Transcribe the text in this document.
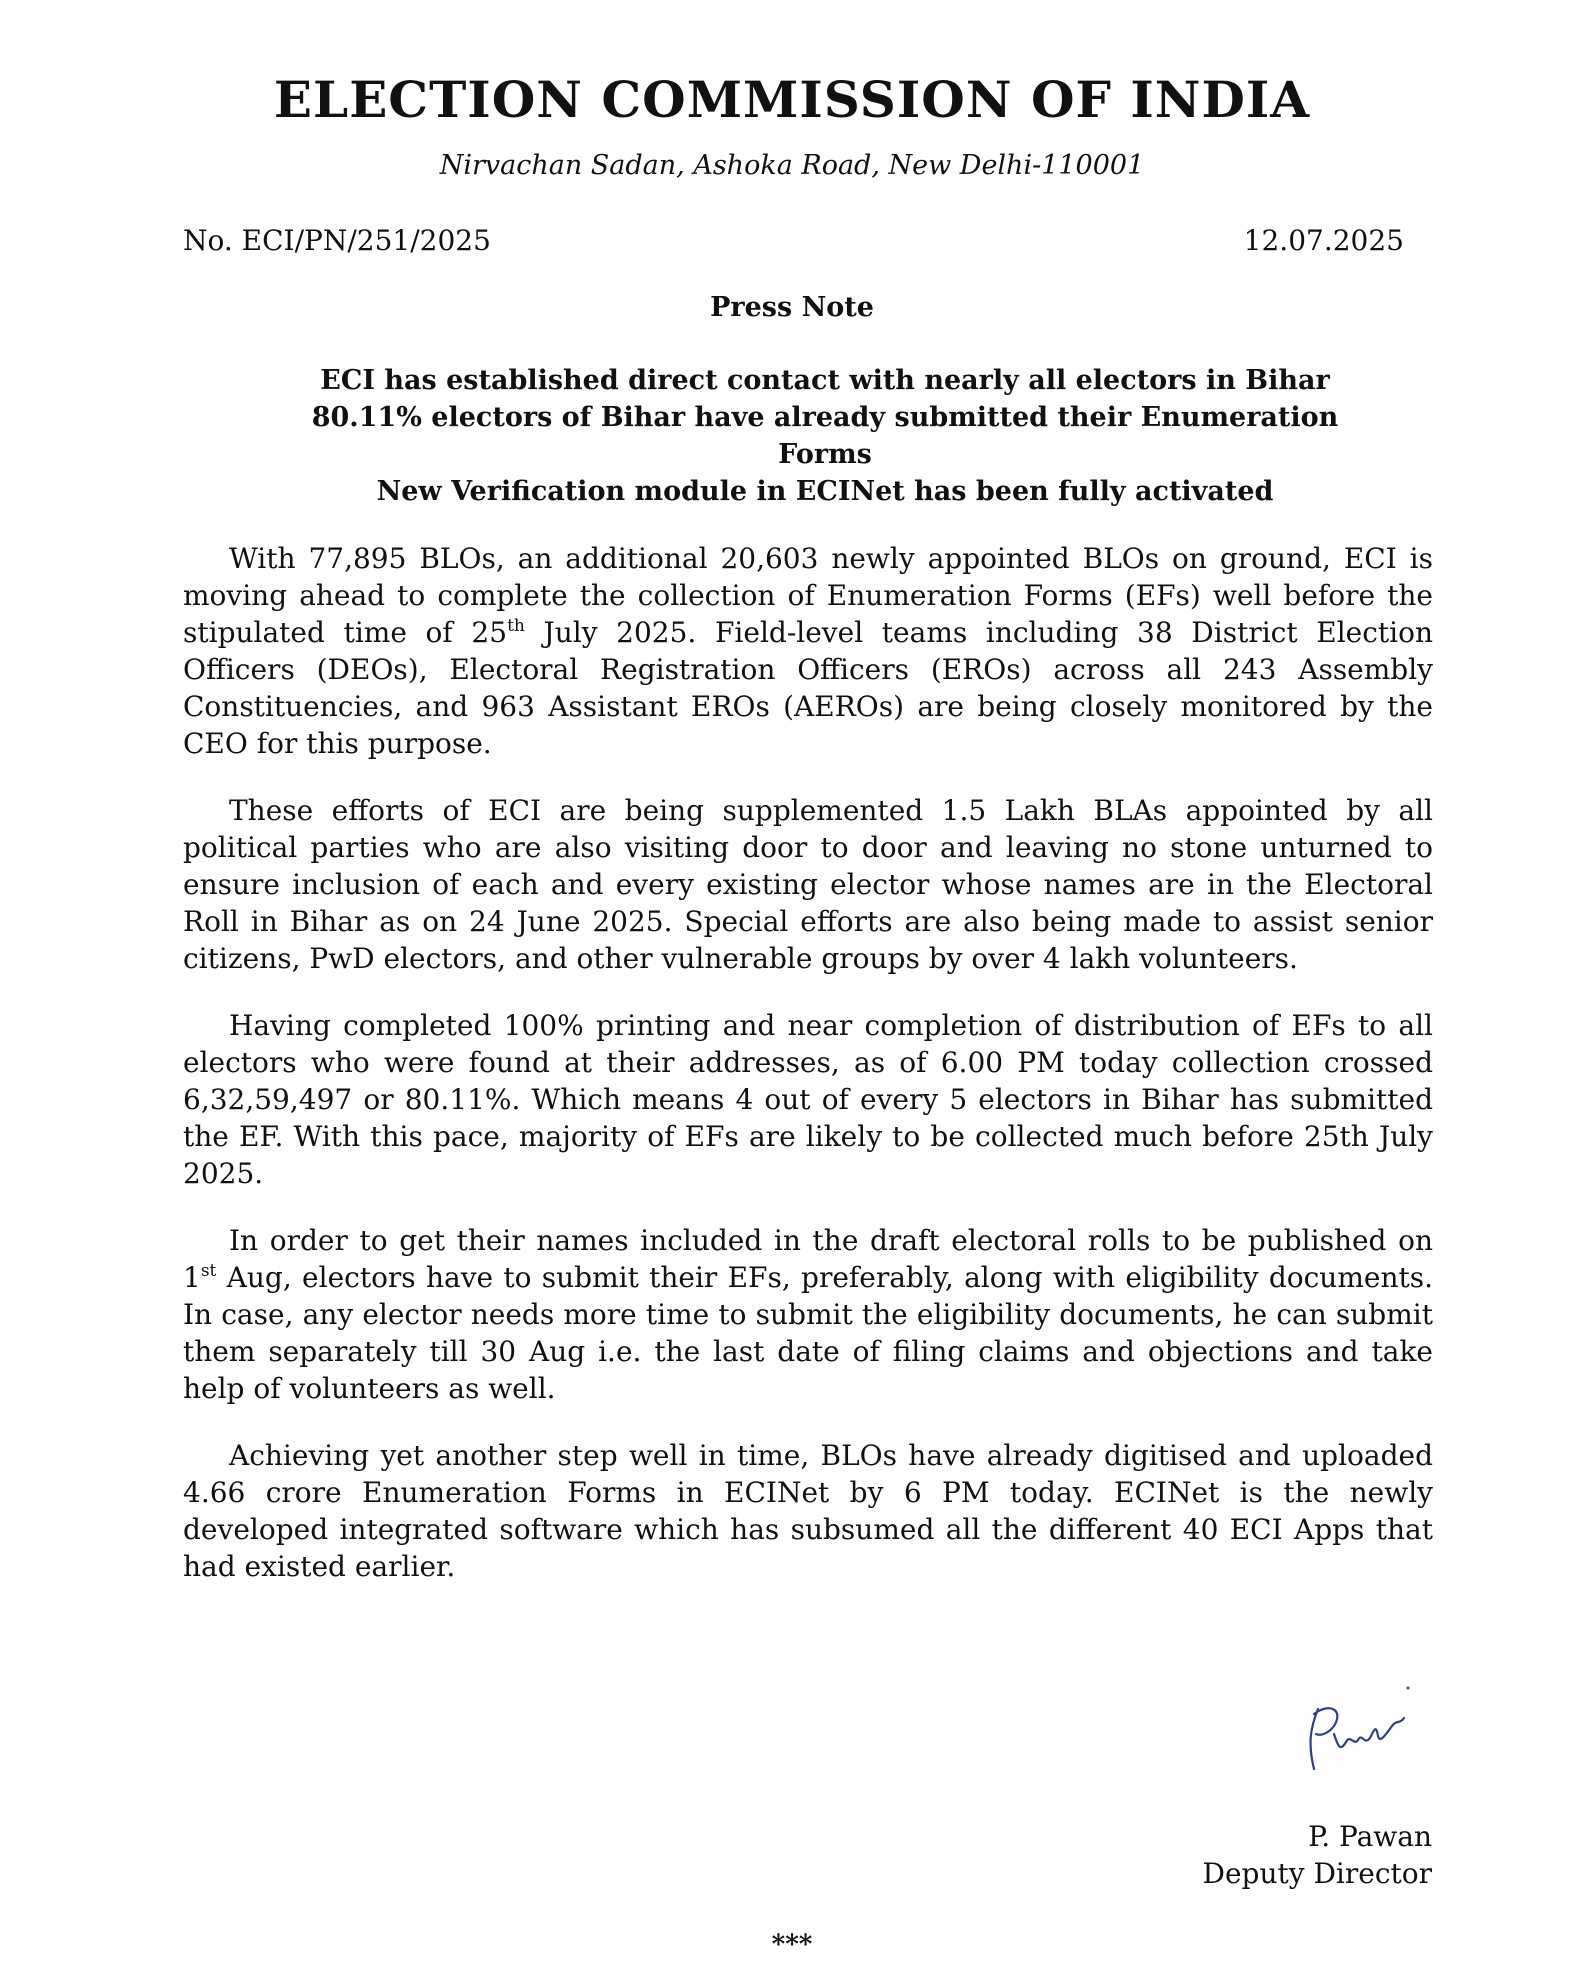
ELECTION COMMISSION OF INDIA
Nirvachan Sadan, Ashoka Road, New Delhi-110001
No. ECI/PN/251/2025	12.07.2025
Press Note
ECI has established direct contact with nearly all electors in Bihar
80.11% electors of Bihar have already submitted their Enumeration Forms
New Verification module in ECINet has been fully activated

With 77,895 BLOs, an additional 20,603 newly appointed BLOs on ground, ECI is moving ahead to complete the collection of Enumeration Forms (EFs) well before the stipulated time of 25th July 2025. Field-level teams including 38 District Election Officers (DEOs), Electoral Registration Officers (EROs) across all 243 Assembly Constituencies, and 963 Assistant EROs (AEROs) are being closely monitored by the CEO for this purpose.

These efforts of ECI are being supplemented 1.5 Lakh BLAs appointed by all political parties who are also visiting door to door and leaving no stone unturned to ensure inclusion of each and every existing elector whose names are in the Electoral Roll in Bihar as on 24 June 2025. Special efforts are also being made to assist senior citizens, PwD electors, and other vulnerable groups by over 4 lakh volunteers.

Having completed 100% printing and near completion of distribution of EFs to all electors who were found at their addresses, as of 6.00 PM today collection crossed 6,32,59,497 or 80.11%. Which means 4 out of every 5 electors in Bihar has submitted the EF. With this pace, majority of EFs are likely to be collected much before 25th July 2025.

In order to get their names included in the draft electoral rolls to be published on 1st Aug, electors have to submit their EFs, preferably, along with eligibility documents. In case, any elector needs more time to submit the eligibility documents, he can submit them separately till 30 Aug i.e. the last date of filing claims and objections and take help of volunteers as well.

Achieving yet another step well in time, BLOs have already digitised and uploaded 4.66 crore Enumeration Forms in ECINet by 6 PM today. ECINet is the newly developed integrated software which has subsumed all the different 40 ECI Apps that had existed earlier.

P. Pawan
Deputy Director
***
